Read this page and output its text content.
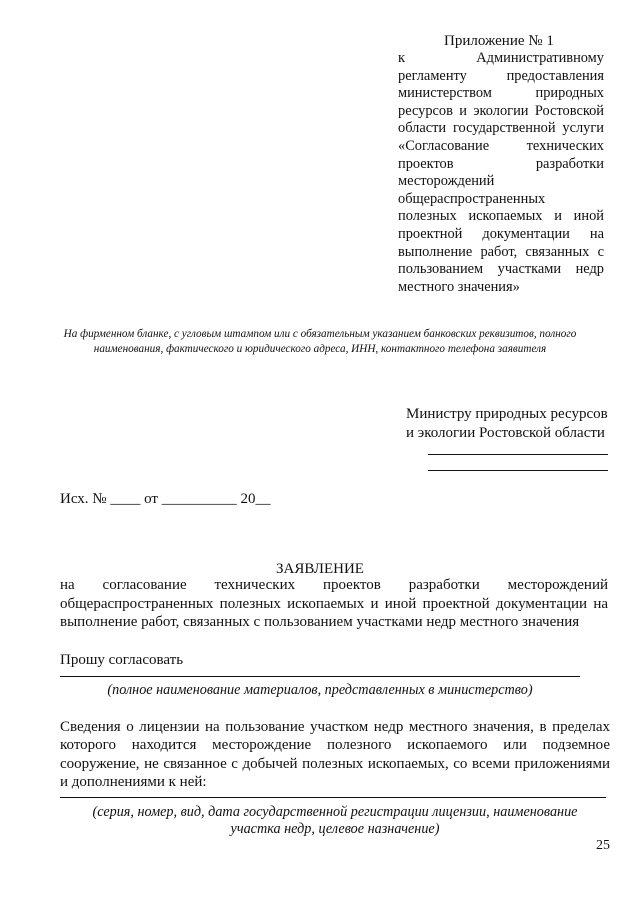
Приложение № 1
к Административному регламенту предоставления министерством природных ресурсов и экологии Ростовской области государственной услуги «Согласование технических проектов разработки месторождений общераспространенных полезных ископаемых и иной проектной документации на выполнение работ, связанных с пользованием участками недр местного значения»
На фирменном бланке, с угловым штампом или с обязательным указанием банковских реквизитов, полного наименования, фактического и юридического адреса, ИНН, контактного телефона заявителя
Министру природных ресурсов
и экологии Ростовской области
Исх. № ____ от __________ 20__
ЗАЯВЛЕНИЕ
на согласование технических проектов разработки месторождений общераспространенных полезных ископаемых и иной проектной документации на выполнение работ, связанных с пользованием участками недр местного значения
Прошу согласовать
(полное наименование материалов, представленных в министерство)
Сведения о лицензии на пользование участком недр местного значения, в пределах которого находится месторождение полезного ископаемого или подземное сооружение, не связанное с добычей полезных ископаемых, со всеми приложениями и дополнениями к ней:
(серия, номер, вид, дата государственной регистрации лицензии, наименование
участка недр, целевое назначение)
25
